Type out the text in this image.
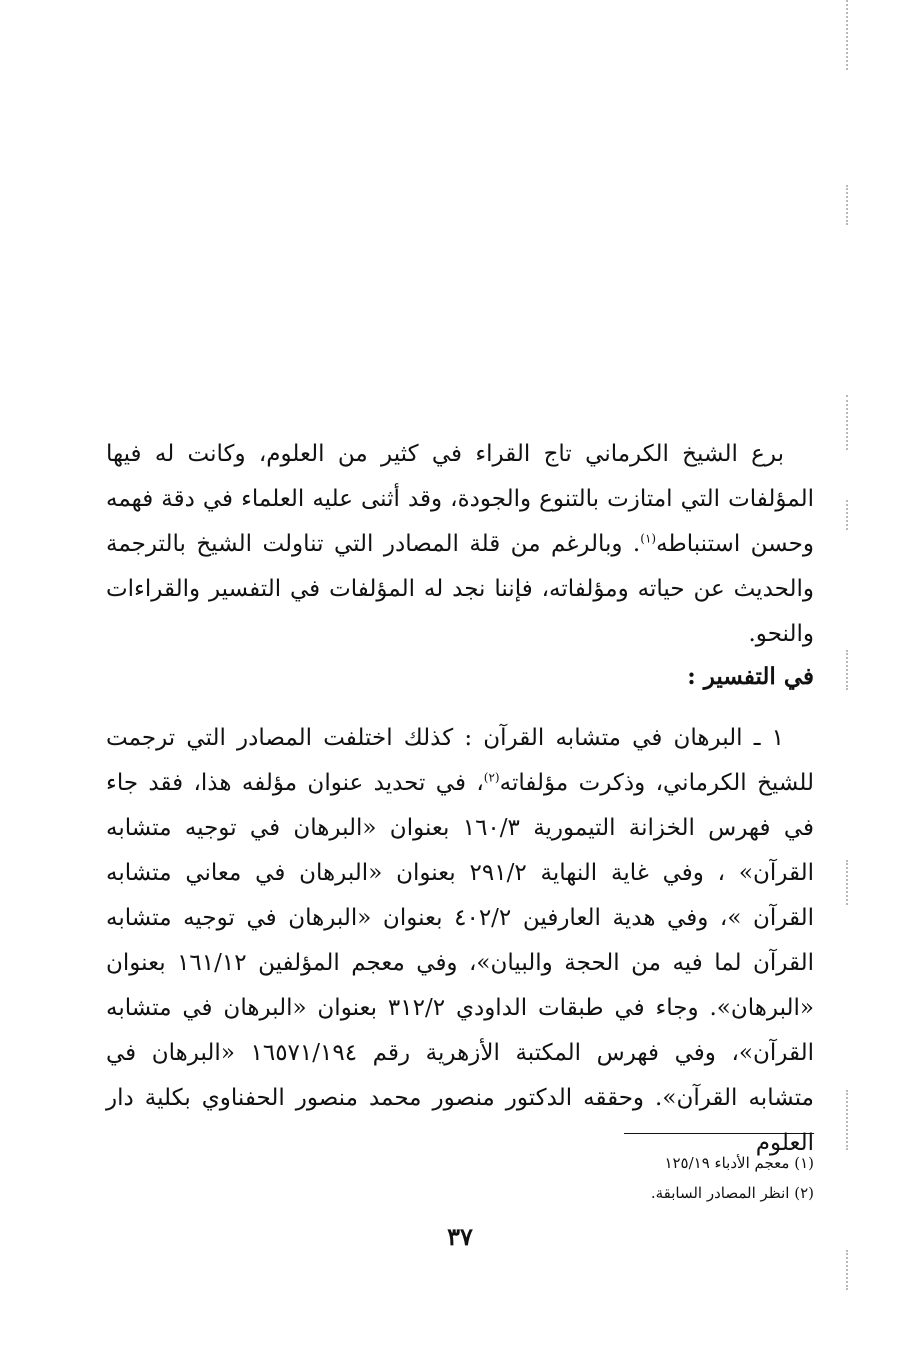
برع الشيخ الكرماني تاج القراء في كثير من العلوم، وكانت له فيها المؤلفات التي امتازت بالتنوع والجودة، وقد أثنى عليه العلماء في دقة فهمه وحسن استنباطه$^{(١)}$. وبالرغم من قلة المصادر التي تناولت الشيخ بالترجمة والحديث عن حياته ومؤلفاته، فإننا نجد له المؤلفات في التفسير والقراءات والنحو.
في التفسير :
١ ـ البرهان في متشابه القرآن : كذلك اختلفت المصادر التي ترجمت للشيخ الكرماني، وذكرت مؤلفاته$^{(٢)}$، في تحديد عنوان مؤلفه هذا، فقد جاء في فهرس الخزانة التيمورية ١٦٠/٣ بعنوان «البرهان في توجيه متشابه القرآن» ، وفي غاية النهاية ٢٩١/٢ بعنوان «البرهان في معاني متشابه القرآن »، وفي هدية العارفين ٤٠٢/٢ بعنوان «البرهان في توجيه متشابه القرآن لما فيه من الحجة والبيان»، وفي معجم المؤلفين ١٦١/١٢ بعنوان «البرهان». وجاء في طبقات الداودي ٣١٢/٢ بعنوان «البرهان في متشابه القرآن»، وفي فهرس المكتبة الأزهرية رقم ١٦٥٧١/١٩٤ «البرهان في متشابه القرآن». وحققه الدكتور منصور محمد منصور الحفناوي بكلية دار العلوم
(١) معجم الأدباء ١٢٥/١٩
(٢) انظر المصادر السابقة.
٣٧
